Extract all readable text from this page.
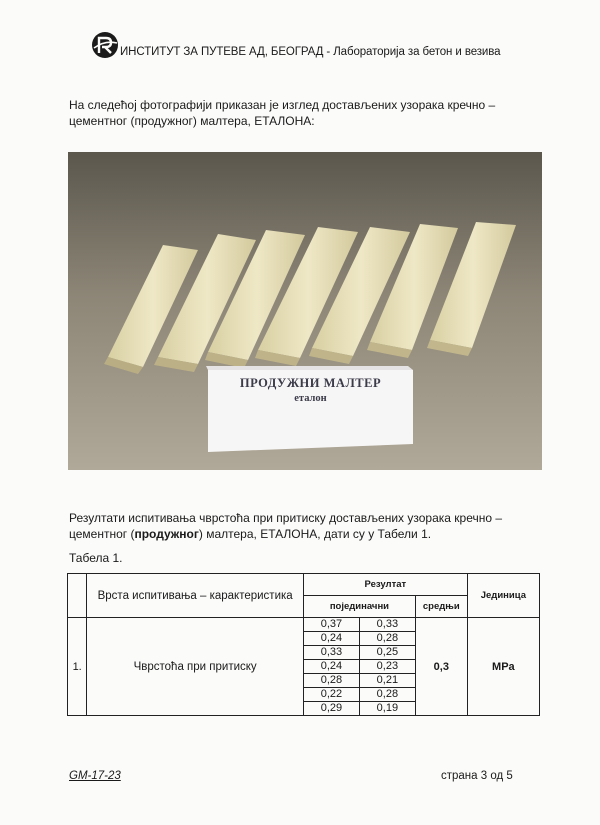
ИНСТИТУТ ЗА ПУТЕВЕ АД, БЕОГРАД - Лабораторија за бетон и везива
На следећој фотографији приказан је изглед достављених узорака кречно –
цементног (продужног) малтера, ЕТАЛОНА:
ПРОДУЖНИ МАЛТЕР
еталон
Резултати испитивања чврстоћа при притиску достављених узорака кречно –
цементног (продужног) малтера, ЕТАЛОНА, дати су у Табели 1.
Табела 1.
	Врста испитивања – карактеристика	Резултат			Јединица
		појединачни		средњи	
1.	Чврстоћа при притиску	0,37	0,33	0,3	MPa
		0,24	0,28		
		0,33	0,25		
		0,24	0,23		
		0,28	0,21		
		0,22	0,28		
		0,29	0,19		
GM-17-23	страна 3 од 5
